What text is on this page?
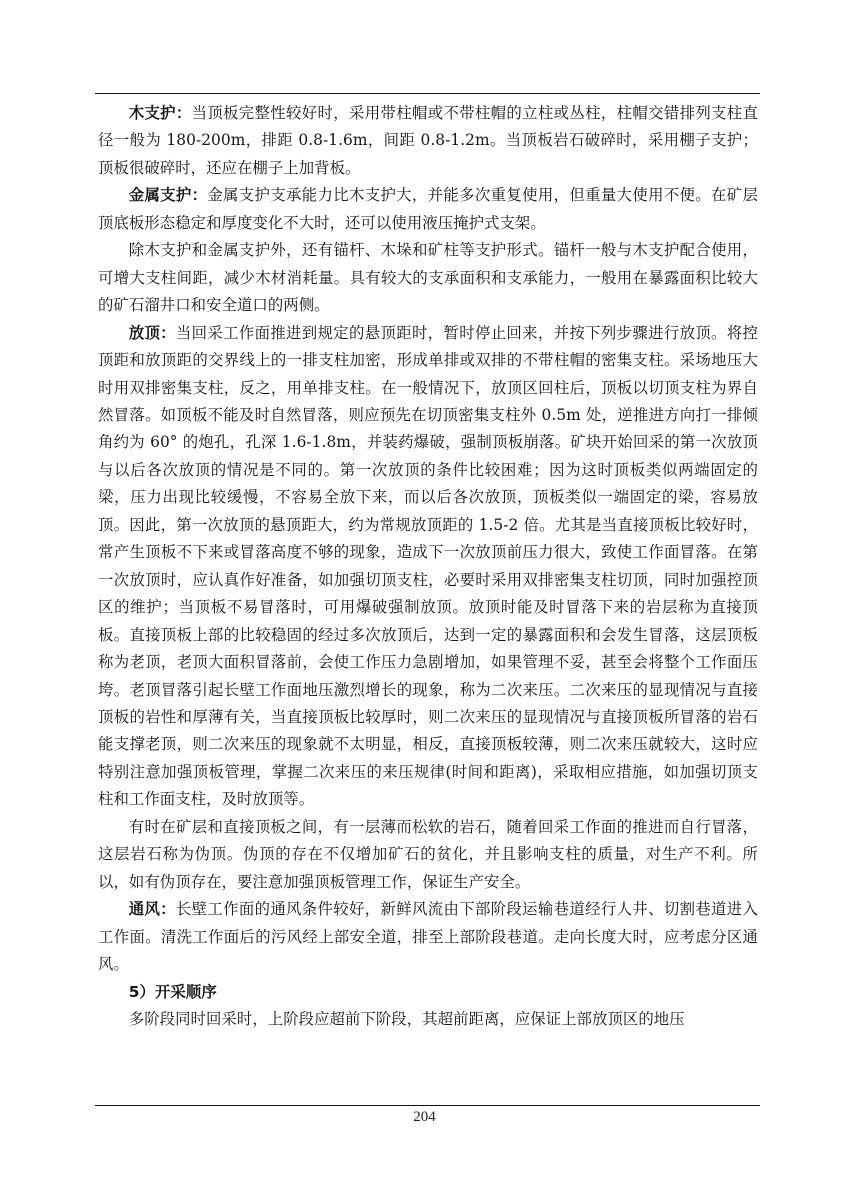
木支护：当顶板完整性较好时，采用带柱帽或不带柱帽的立柱或丛柱，柱帽交错排列支柱直径一般为 180-200m，排距 0.8-1.6m，间距 0.8-1.2m。当顶板岩石破碎时，采用棚子支护；顶板很破碎时，还应在棚子上加背板。

金属支护：金属支护支承能力比木支护大，并能多次重复使用，但重量大使用不便。在矿层顶底板形态稳定和厚度变化不大时，还可以使用液压掩护式支架。

除木支护和金属支护外，还有锚杆、木垛和矿柱等支护形式。锚杆一般与木支护配合使用，可增大支柱间距，减少木材消耗量。具有较大的支承面积和支承能力，一般用在暴露面积比较大的矿石溜井口和安全道口的两侧。

放顶：当回采工作面推进到规定的悬顶距时，暂时停止回来，并按下列步骤进行放顶。将控顶距和放顶距的交界线上的一排支柱加密，形成单排或双排的不带柱帽的密集支柱。采场地压大时用双排密集支柱，反之，用单排支柱。在一般情况下，放顶区回柱后，顶板以切顶支柱为界自然冒落。如顶板不能及时自然冒落，则应预先在切顶密集支柱外 0.5m 处，逆推进方向打一排倾角约为 60° 的炮孔，孔深 1.6-1.8m，并装药爆破，强制顶板崩落。矿块开始回采的第一次放顶与以后各次放顶的情况是不同的。第一次放顶的条件比较困难；因为这时顶板类似两端固定的梁，压力出现比较缓慢，不容易全放下来，而以后各次放顶，顶板类似一端固定的梁，容易放顶。因此，第一次放顶的悬顶距大，约为常规放顶距的 1.5-2 倍。尤其是当直接顶板比较好时，常产生顶板不下来或冒落高度不够的现象，造成下一次放顶前压力很大，致使工作面冒落。在第一次放顶时，应认真作好准备，如加强切顶支柱，必要时采用双排密集支柱切顶，同时加强控顶区的维护；当顶板不易冒落时，可用爆破强制放顶。放顶时能及时冒落下来的岩层称为直接顶板。直接顶板上部的比较稳固的经过多次放顶后，达到一定的暴露面积和会发生冒落，这层顶板称为老顶，老顶大面积冒落前，会使工作压力急剧增加，如果管理不妥，甚至会将整个工作面压垮。老顶冒落引起长壁工作面地压激烈增长的现象，称为二次来压。二次来压的显现情况与直接顶板的岩性和厚薄有关，当直接顶板比较厚时，则二次来压的显现情况与直接顶板所冒落的岩石能支撑老顶，则二次来压的现象就不太明显，相反，直接顶板较薄，则二次来压就较大，这时应特别注意加强顶板管理，掌握二次来压的来压规律(时间和距离)，采取相应措施，如加强切顶支柱和工作面支柱，及时放顶等。

有时在矿层和直接顶板之间，有一层薄而松软的岩石，随着回采工作面的推进而自行冒落，这层岩石称为伪顶。伪顶的存在不仅增加矿石的贫化，并且影响支柱的质量，对生产不利。所以，如有伪顶存在，要注意加强顶板管理工作，保证生产安全。

通风：长壁工作面的通风条件较好，新鲜风流由下部阶段运输巷道经行人井、切割巷道进入工作面。清洗工作面后的污风经上部安全道，排至上部阶段巷道。走向长度大时，应考虑分区通风。

5）开采顺序

多阶段同时回采时，上阶段应超前下阶段，其超前距离，应保证上部放顶区的地压

204
